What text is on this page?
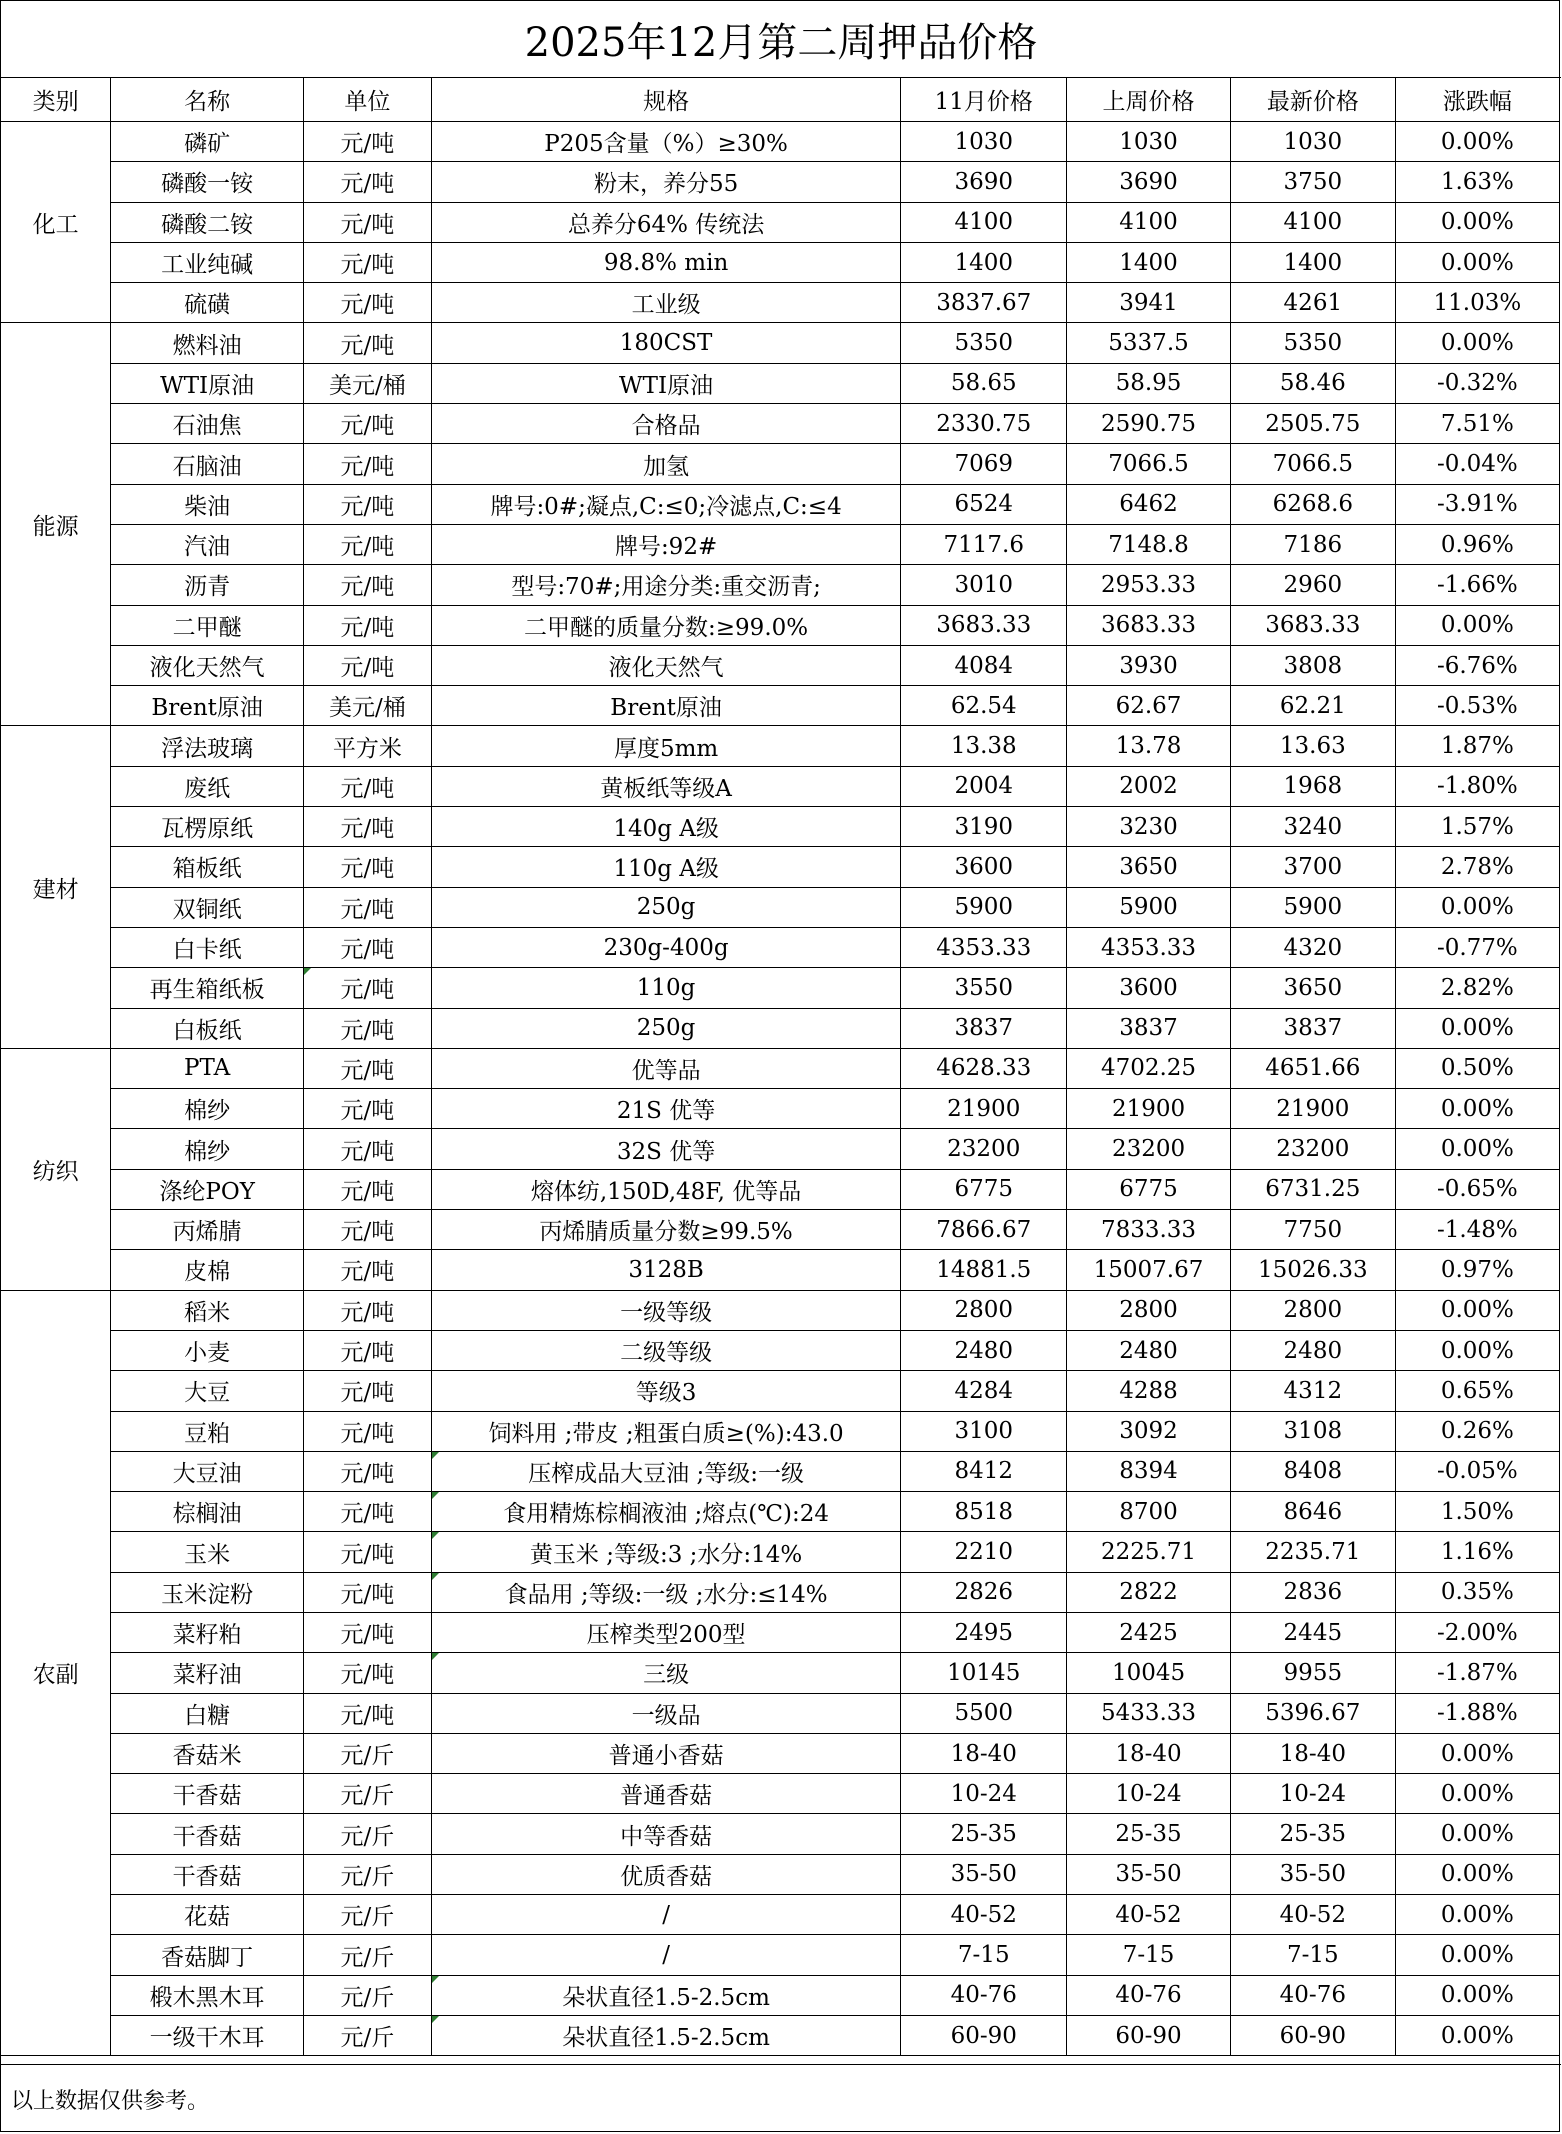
2025年12月第二周押品价格
类别	名称	单位	规格	11月价格	上周价格	最新价格	涨跌幅
化工	磷矿	元/吨	P205含量（%）≥30%	1030	1030	1030	0.00%
	磷酸一铵	元/吨	粉末，养分55	3690	3690	3750	1.63%
	磷酸二铵	元/吨	总养分64% 传统法	4100	4100	4100	0.00%
	工业纯碱	元/吨	98.8% min	1400	1400	1400	0.00%
	硫磺	元/吨	工业级	3837.67	3941	4261	11.03%
能源	燃料油	元/吨	180CST	5350	5337.5	5350	0.00%
	WTI原油	美元/桶	WTI原油	58.65	58.95	58.46	-0.32%
	石油焦	元/吨	合格品	2330.75	2590.75	2505.75	7.51%
	石脑油	元/吨	加氢	7069	7066.5	7066.5	-0.04%
	柴油	元/吨	牌号:0#;凝点,C:≤0;冷滤点,C:≤4	6524	6462	6268.6	-3.91%
	汽油	元/吨	牌号:92#	7117.6	7148.8	7186	0.96%
	沥青	元/吨	型号:70#;用途分类:重交沥青;	3010	2953.33	2960	-1.66%
	二甲醚	元/吨	二甲醚的质量分数:≥99.0%	3683.33	3683.33	3683.33	0.00%
	液化天然气	元/吨	液化天然气	4084	3930	3808	-6.76%
	Brent原油	美元/桶	Brent原油	62.54	62.67	62.21	-0.53%
建材	浮法玻璃	平方米	厚度5mm	13.38	13.78	13.63	1.87%
	废纸	元/吨	黄板纸等级A	2004	2002	1968	-1.80%
	瓦楞原纸	元/吨	140g A级	3190	3230	3240	1.57%
	箱板纸	元/吨	110g A级	3600	3650	3700	2.78%
	双铜纸	元/吨	250g	5900	5900	5900	0.00%
	白卡纸	元/吨	230g-400g	4353.33	4353.33	4320	-0.77%
	再生箱纸板	元/吨	110g	3550	3600	3650	2.82%
	白板纸	元/吨	250g	3837	3837	3837	0.00%
纺织	PTA	元/吨	优等品	4628.33	4702.25	4651.66	0.50%
	棉纱	元/吨	21S 优等	21900	21900	21900	0.00%
	棉纱	元/吨	32S 优等	23200	23200	23200	0.00%
	涤纶POY	元/吨	熔体纺,150D,48F, 优等品	6775	6775	6731.25	-0.65%
	丙烯腈	元/吨	丙烯腈质量分数≥99.5%	7866.67	7833.33	7750	-1.48%
	皮棉	元/吨	3128B	14881.5	15007.67	15026.33	0.97%
农副	稻米	元/吨	一级等级	2800	2800	2800	0.00%
	小麦	元/吨	二级等级	2480	2480	2480	0.00%
	大豆	元/吨	等级3	4284	4288	4312	0.65%
	豆粕	元/吨	饲料用 ;带皮 ;粗蛋白质≥(%):43.0	3100	3092	3108	0.26%
	大豆油	元/吨	压榨成品大豆油 ;等级:一级	8412	8394	8408	-0.05%
	棕榈油	元/吨	食用精炼棕榈液油 ;熔点(℃):24	8518	8700	8646	1.50%
	玉米	元/吨	黄玉米 ;等级:3 ;水分:14%	2210	2225.71	2235.71	1.16%
	玉米淀粉	元/吨	食品用 ;等级:一级 ;水分:≤14%	2826	2822	2836	0.35%
	菜籽粕	元/吨	压榨类型200型	2495	2425	2445	-2.00%
	菜籽油	元/吨	三级	10145	10045	9955	-1.87%
	白糖	元/吨	一级品	5500	5433.33	5396.67	-1.88%
	香菇米	元/斤	普通小香菇	18-40	18-40	18-40	0.00%
	干香菇	元/斤	普通香菇	10-24	10-24	10-24	0.00%
	干香菇	元/斤	中等香菇	25-35	25-35	25-35	0.00%
	干香菇	元/斤	优质香菇	35-50	35-50	35-50	0.00%
	花菇	元/斤	/	40-52	40-52	40-52	0.00%
	香菇脚丁	元/斤	/	7-15	7-15	7-15	0.00%
	椴木黑木耳	元/斤	朵状直径1.5-2.5cm	40-76	40-76	40-76	0.00%
	一级干木耳	元/斤	朵状直径1.5-2.5cm	60-90	60-90	60-90	0.00%
以上数据仅供参考。
